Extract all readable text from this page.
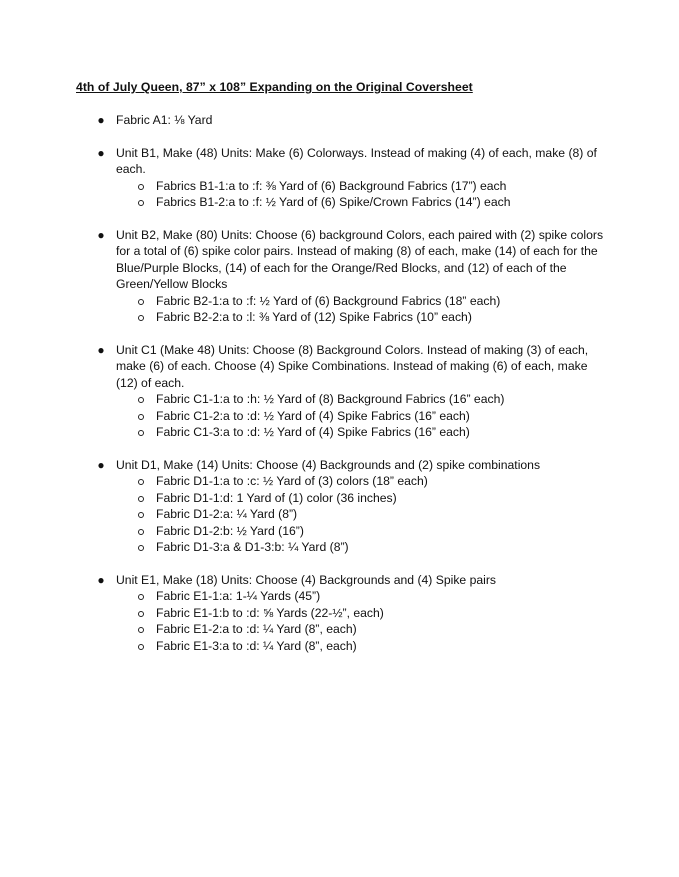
4th of July Queen, 87” x 108” Expanding on the Original Coversheet
● Fabric A1: ⅛ Yard
● Unit B1, Make (48) Units: Make (6) Colorways. Instead of making (4) of each, make (8) of each.
Fabrics B1-1:a to :f: ⅜ Yard of (6) Background Fabrics (17”) each
Fabrics B1-2:a to :f: ½ Yard of (6) Spike/Crown Fabrics (14”) each
● Unit B2, Make (80) Units: Choose (6) background Colors, each paired with (2) spike colors for a total of (6) spike color pairs. Instead of making (8) of each, make (14) of each for the Blue/Purple Blocks, (14) of each for the Orange/Red Blocks, and (12) of each of the Green/Yellow Blocks
Fabric B2-1:a to :f: ½ Yard of (6) Background Fabrics (18” each)
Fabric B2-2:a to :l: ⅜ Yard of (12) Spike Fabrics (10” each)
● Unit C1 (Make 48) Units: Choose (8) Background Colors. Instead of making (3) of each, make (6) of each. Choose (4) Spike Combinations. Instead of making (6) of each, make (12) of each.
Fabric C1-1:a to :h: ½ Yard of (8) Background Fabrics (16” each)
Fabric C1-2:a to :d: ½ Yard of (4) Spike Fabrics (16” each)
Fabric C1-3:a to :d: ½ Yard of (4) Spike Fabrics (16” each)
● Unit D1, Make (14) Units: Choose (4) Backgrounds and (2) spike combinations
Fabric D1-1:a to :c: ½ Yard of (3) colors (18” each)
Fabric D1-1:d: 1 Yard of (1) color (36 inches)
Fabric D1-2:a: ¼ Yard (8”)
Fabric D1-2:b: ½ Yard (16”)
Fabric D1-3:a & D1-3:b: ¼ Yard (8”)
● Unit E1, Make (18) Units: Choose (4) Backgrounds and (4) Spike pairs
Fabric E1-1:a: 1-¼ Yards (45”)
Fabric E1-1:b to :d: ⅝ Yards (22-½”, each)
Fabric E1-2:a to :d: ¼ Yard (8”, each)
Fabric E1-3:a to :d: ¼ Yard (8”, each)
